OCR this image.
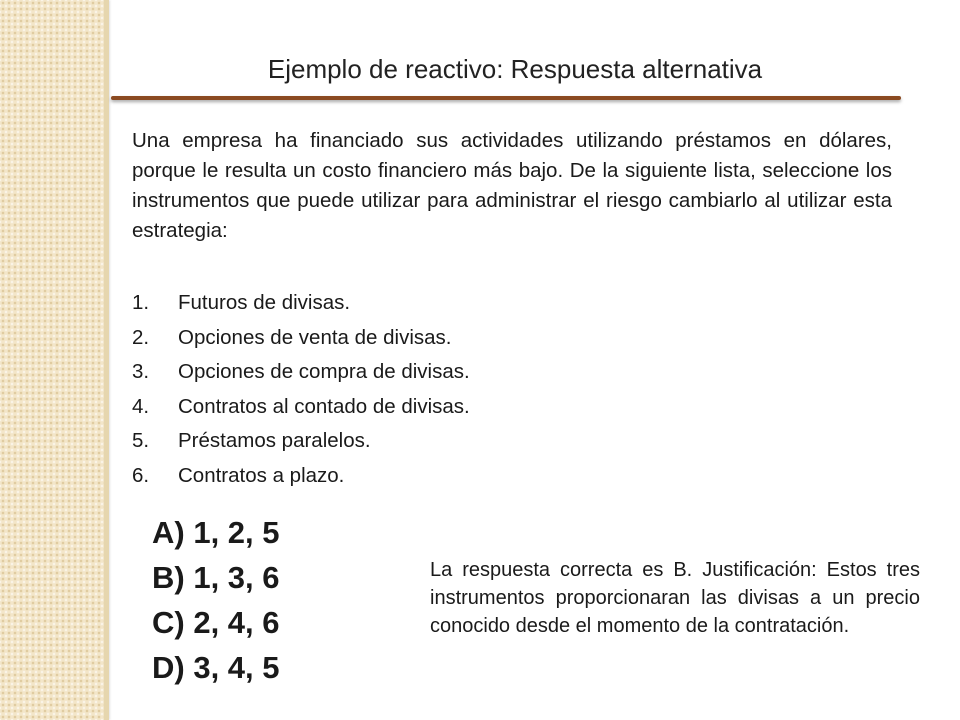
Ejemplo de reactivo: Respuesta alternativa

Una empresa ha financiado sus actividades utilizando préstamos en dólares, porque le resulta un costo financiero más bajo. De la siguiente lista, seleccione los instrumentos que puede utilizar para administrar el riesgo cambiarlo al utilizar esta estrategia:

1.	Futuros de divisas.
2.	Opciones de venta de divisas.
3.	Opciones de compra de divisas.
4.	Contratos al contado de divisas.
5.	Préstamos paralelos.
6.	Contratos a plazo.
A) 1, 2, 5
B) 1, 3, 6
C) 2, 4, 6
D) 3, 4, 5

La respuesta correcta es B. Justificación: Estos tres instrumentos proporcionaran las divisas a un precio conocido desde el momento de la contratación.
